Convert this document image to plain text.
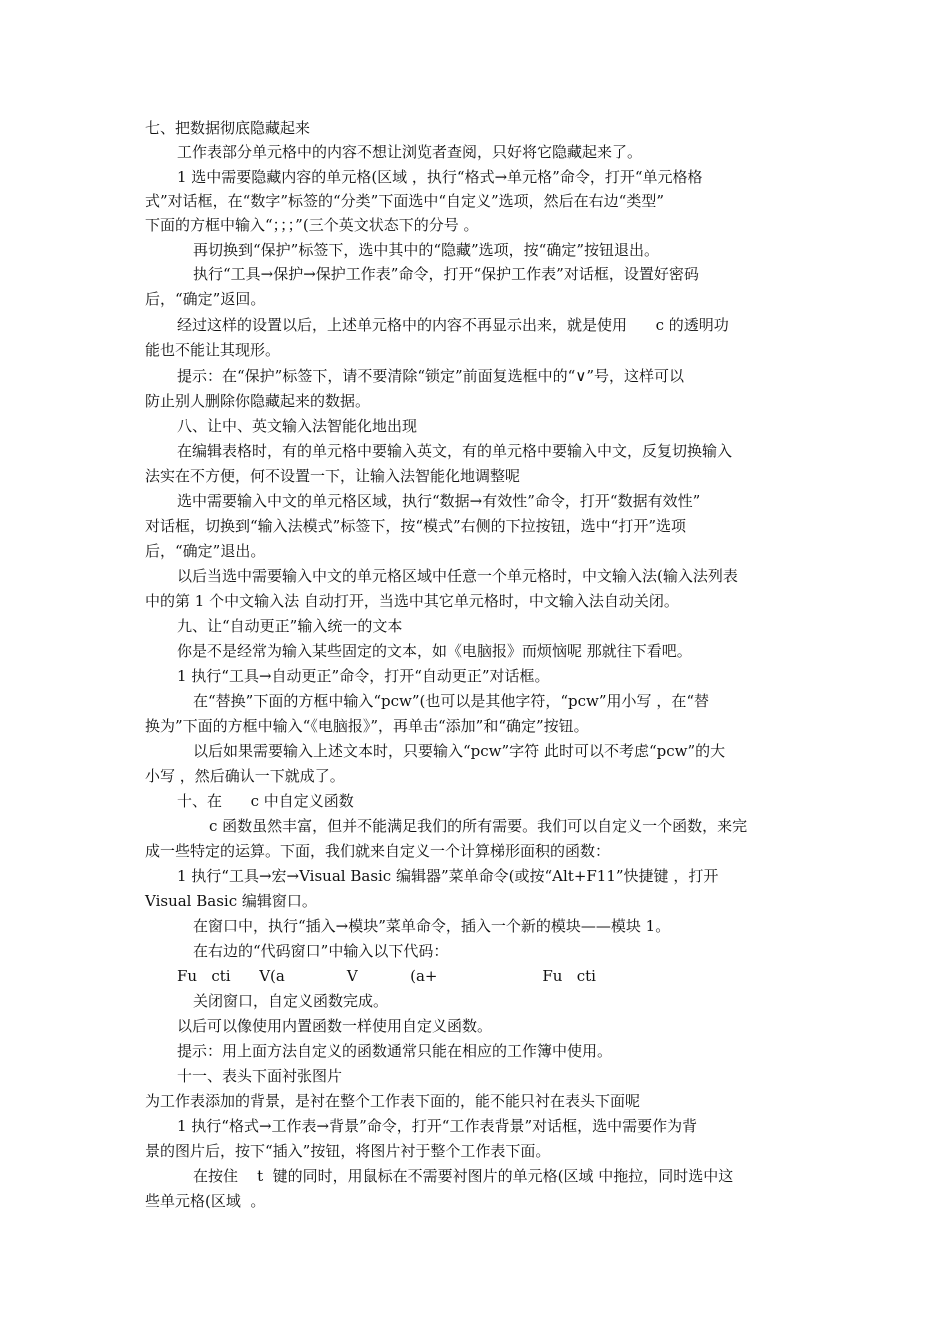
七、把数据彻底隐藏起来
工作表部分单元格中的内容不想让浏览者查阅，只好将它隐藏起来了。
1 选中需要隐藏内容的单元格(区域 ，执行“格式→单元格”命令，打开“单元格格
式”对话框，在“数字”标签的“分类”下面选中“自定义”选项，然后在右边“类型”
下面的方框中输入“；；；”(三个英文状态下的分号 。
再切换到“保护”标签下，选中其中的“隐藏”选项，按“确定”按钮退出。
执行“工具→保护→保护工作表”命令，打开“保护工作表”对话框，设置好密码
后，“确定”返回。
经过这样的设置以后，上述单元格中的内容不再显示出来，就是使用      c 的透明功
能也不能让其现形。
提示：在“保护”标签下，请不要清除“锁定”前面复选框中的“∨”号，这样可以
防止别人删除你隐藏起来的数据。
八、让中、英文输入法智能化地出现
在编辑表格时，有的单元格中要输入英文，有的单元格中要输入中文，反复切换输入
法实在不方便，何不设置一下，让输入法智能化地调整呢
选中需要输入中文的单元格区域，执行“数据→有效性”命令，打开“数据有效性”
对话框，切换到“输入法模式”标签下，按“模式”右侧的下拉按钮，选中“打开”选项
后，“确定”退出。
以后当选中需要输入中文的单元格区域中任意一个单元格时，中文输入法(输入法列表
中的第 1 个中文输入法 自动打开，当选中其它单元格时，中文输入法自动关闭。
九、让“自动更正”输入统一的文本
你是不是经常为输入某些固定的文本，如《电脑报》而烦恼呢 那就往下看吧。
1 执行“工具→自动更正”命令，打开“自动更正”对话框。
在“替换”下面的方框中输入“pcw”(也可以是其他字符，“pcw”用小写 ，在“替
换为”下面的方框中输入“《电脑报》”，再单击“添加”和“确定”按钮。
以后如果需要输入上述文本时，只要输入“pcw”字符 此时可以不考虑“pcw”的大
小写 ，然后确认一下就成了。
十、在      c 中自定义函数
c 函数虽然丰富，但并不能满足我们的所有需要。我们可以自定义一个函数，来完
成一些特定的运算。下面，我们就来自定义一个计算梯形面积的函数：
1 执行“工具→宏→Visual Basic 编辑器”菜单命令(或按“Alt+F11”快捷键 ，打开
Visual Basic 编辑窗口。
在窗口中，执行“插入→模块”菜单命令，插入一个新的模块——模块 1。
在右边的“代码窗口”中输入以下代码：
Fu   cti      V(a             V           (a+                      Fu   cti
关闭窗口，自定义函数完成。
以后可以像使用内置函数一样使用自定义函数。
提示：用上面方法自定义的函数通常只能在相应的工作簿中使用。
十一、表头下面衬张图片
为工作表添加的背景，是衬在整个工作表下面的，能不能只衬在表头下面呢
1 执行“格式→工作表→背景”命令，打开“工作表背景”对话框，选中需要作为背
景的图片后，按下“插入”按钮，将图片衬于整个工作表下面。
在按住    t  键的同时，用鼠标在不需要衬图片的单元格(区域 中拖拉，同时选中这
些单元格(区域  。
